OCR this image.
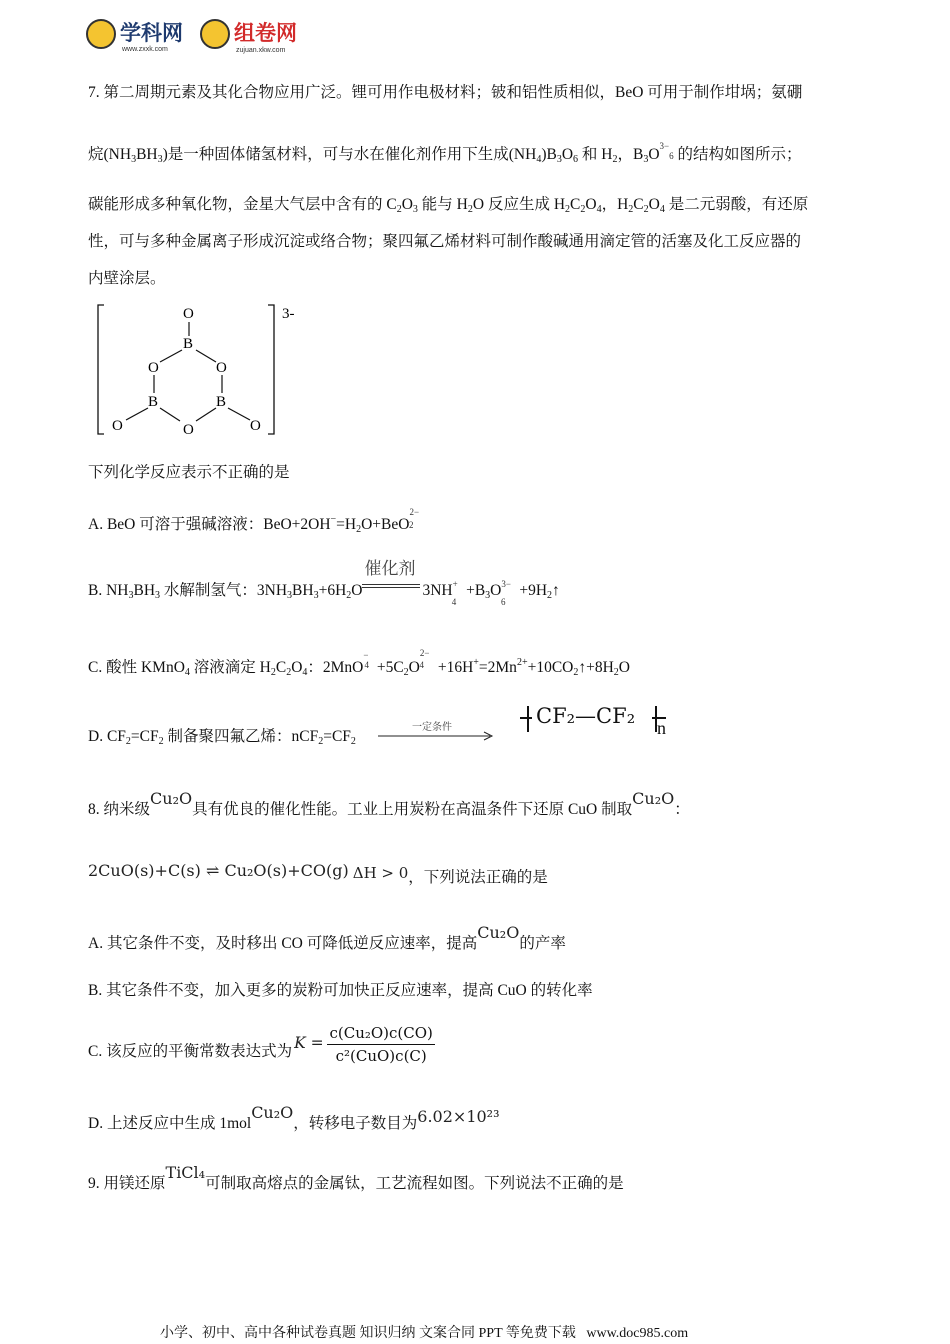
学科网
www.zxxk.com
组卷网
zujuan.xkw.com
7. 第二周期元素及其化合物应用广泛。锂可用作电极材料；铍和铝性质相似，BeO 可用于制作坩埚；氨硼
烷$(NH_3BH_3)$是一种固体储氢材料，可与水在催化剂作用下生成$(NH_4)B_3O_6$ 和 $H_2$，$B_3O^{3-}6$ 的结构如图所示；
碳能形成多种氧化物，金星大气层中含有的 $C_2O_3$ 能与 $H_2O$ 反应生成 $H_2C_2O_4$，$H_2C_2O_4$ 是二元弱酸，有还原
性，可与多种金属离子形成沉淀或络合物；聚四氟乙烯材料可制作酸碱通用滴定管的活塞及化工反应器的
内壁涂层。
3-
O
B
O	O
B	B
O
O	O
下列化学反应表示不正确的是
A. BeO 可溶于强碱溶液：$BeO+2OH^-=H_2O+BeO^{2-}2$
B. $NH_3BH_3$ 水解制氢气：$3NH_3BH_3+6H_2O$
催化剂
$3NH^+_4 +B_3O^{3-}_6$ $+9H_2↑$
C. 酸性 KMnO$_4$ 溶液滴定 $H_2C_2O_4$：$2MnO^{-4} +5C_2O^{2-4}$ $+16H^+=2Mn^{2+}+10CO_2↑+8H_2O$
D. $CF_2=CF_2$ 制备聚四氟乙烯：$nCF_2=CF_2$
一定条件	CF₂—CF₂ n
8. 纳米级Cu₂O具有优良的催化性能。工业上用炭粉在高温条件下还原 CuO 制取Cu₂O：
2CuO(s)+C(s) ⇌ Cu₂O(s)+CO(g) ΔH > 0，下列说法正确的是
A. 其它条件不变，及时移出 CO 可降低逆反应速率，提高Cu₂O的产率
B. 其它条件不变，加入更多的炭粉可加快正反应速率，提高 CuO 的转化率
C. 该反应的平衡常数表达式为 $K = \frac{\text{c(Cu₂O)c(CO)}}{\text{c²(CuO)c(C)}}$
D. 上述反应中生成 1molCu₂O，转移电子数目为6.02×10²³
9. 用镁还原TiCl₄可制取高熔点的金属钛，工艺流程如图。下列说法不正确的是
小学、初中、高中各种试卷真题 知识归纳 文案合同 PPT 等免费下载 www.doc985.com
